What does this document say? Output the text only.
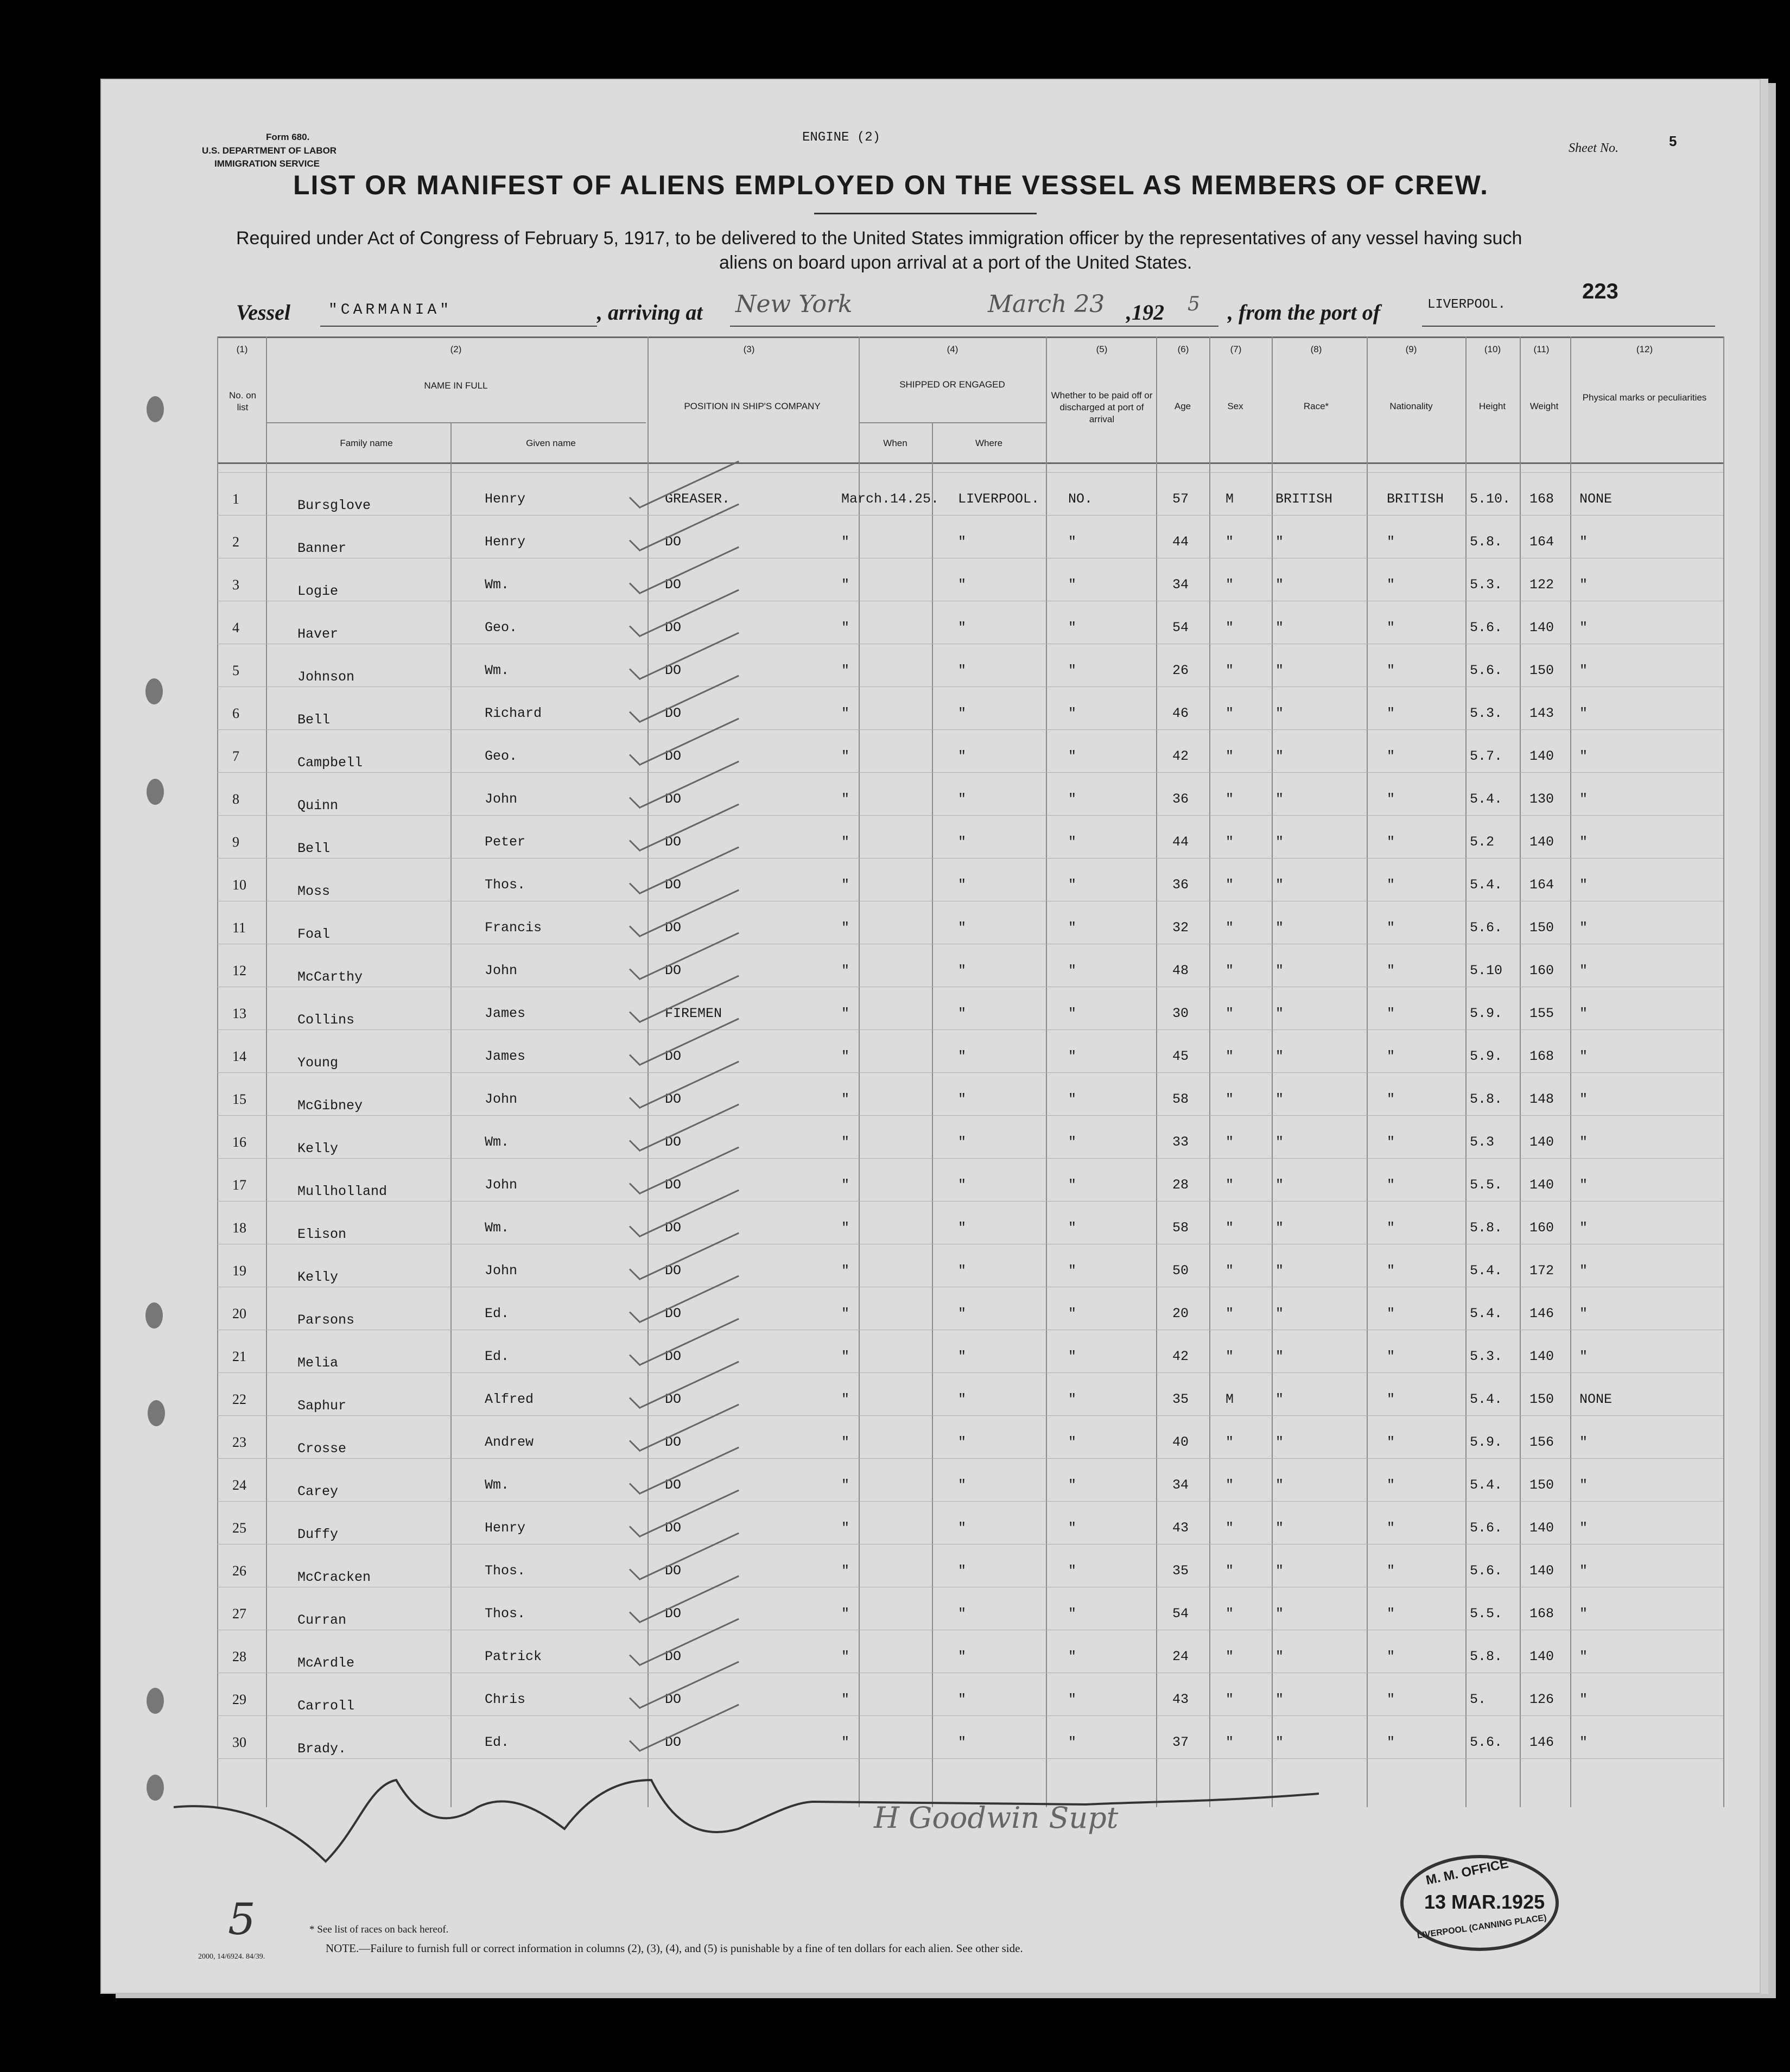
Form 680.
U.S. DEPARTMENT OF LABOR
IMMIGRATION SERVICE
ENGINE (2)
Sheet No.	5
LIST OR MANIFEST OF ALIENS EMPLOYED ON THE VESSEL AS MEMBERS OF CREW.
Required under Act of Congress of February 5, 1917, to be delivered to the United States immigration officer by the representatives of any vessel having such
aliens on board upon arrival at a port of the United States.
Vessel	"CARMANIA"	, arriving at New York	March 23 ,192 5 , from the port of	LIVERPOOL.
223
(1)	(2)	(3)	(4)	(5)	(6)	(7)	(8)	(9)	(10)	(11)	(12)
No. on list
NAME IN FULL
Family name	Given name
POSITION IN SHIP'S COMPANY
SHIPPED OR ENGAGED
When	Where
Whether to be paid off or discharged at port of arrival
Age	Sex	Race*	Nationality	Height	Weight
Physical marks or peculiarities
1	Bursglove	Henry	GREASER.	March.14.25. LIVERPOOL. NO.	57	M	BRITISH	BRITISH 5.10. 168 NONE
2	Banner	Henry	DO	"	"	"	44	"	"	"	5.8. 164 "
3	Logie	Wm.	DO	"	"	"	34	"	"	"	5.3. 122 "
4	Haver	Geo.	DO	"	"	"	54	"	"	"	5.6. 140 "
5	Johnson	Wm.	DO	"	"	"	26	"	"	"	5.6. 150 "
6	Bell	Richard	DO	"	"	"	46	"	"	"	5.3. 143 "
7	Campbell	Geo.	DO	"	"	"	42	"	"	"	5.7. 140 "
8	Quinn	John	DO	"	"	"	36	"	"	"	5.4. 130 "
9	Bell	Peter	DO	"	"	"	44	"	"	"	5.2	140 "
10	Moss	Thos.	DO	"	"	"	36	"	"	"	5.4. 164 "
11	Foal	Francis	DO	"	"	"	32	"	"	"	5.6. 150 "
12	McCarthy	John	DO	"	"	"	48	"	"	"	5.10 160 "
13	Collins	James	FIREMEN	"	"	"	30	"	"	"	5.9. 155 "
14	Young	James	DO	"	"	"	45	"	"	"	5.9. 168 "
15	McGibney	John	DO	"	"	"	58	"	"	"	5.8. 148 "
16	Kelly	Wm.	DO	"	"	"	33	"	"	"	5.3	140 "
17	Mullholland	John	DO	"	"	"	28	"	"	"	5.5. 140 "
18	Elison	Wm.	DO	"	"	"	58	"	"	"	5.8. 160 "
19	Kelly	John	DO	"	"	"	50	"	"	"	5.4. 172 "
20	Parsons	Ed.	DO	"	"	"	20	"	"	"	5.4. 146 "
21	Melia	Ed.	DO	"	"	"	42	"	"	"	5.3. 140 "
22	Saphur	Alfred	DO	"	"	"	35	M	"	"	5.4. 150 NONE
23	Crosse	Andrew	DO	"	"	"	40	"	"	"	5.9. 156 "
24	Carey	Wm.	DO	"	"	"	34	"	"	"	5.4. 150 "
25	Duffy	Henry	DO	"	"	"	43	"	"	"	5.6. 140 "
26	McCracken	Thos.	DO	"	"	"	35	"	"	"	5.6. 140 "
27	Curran	Thos.	DO	"	"	"	54	"	"	"	5.5. 168 "
28	McArdle	Patrick	DO	"	"	"	24	"	"	"	5.8. 140 "
29	Carroll	Chris	DO	"	"	"	43	"	"	"	5.	126 "
30	Brady.	Ed.	DO	"	"	"	37	"	"	"	5.6. 146 "
H Goodwin Supt
M. M. OFFICE
13 MAR.1925
LIVERPOOL (CANNING PLACE)
5	* See list of races on back hereof.
NOTE.—Failure to furnish full or correct information in columns (2), (3), (4), and (5) is punishable by a fine of ten dollars for each alien. See other side.
2000, 14/6924. 84/39.
